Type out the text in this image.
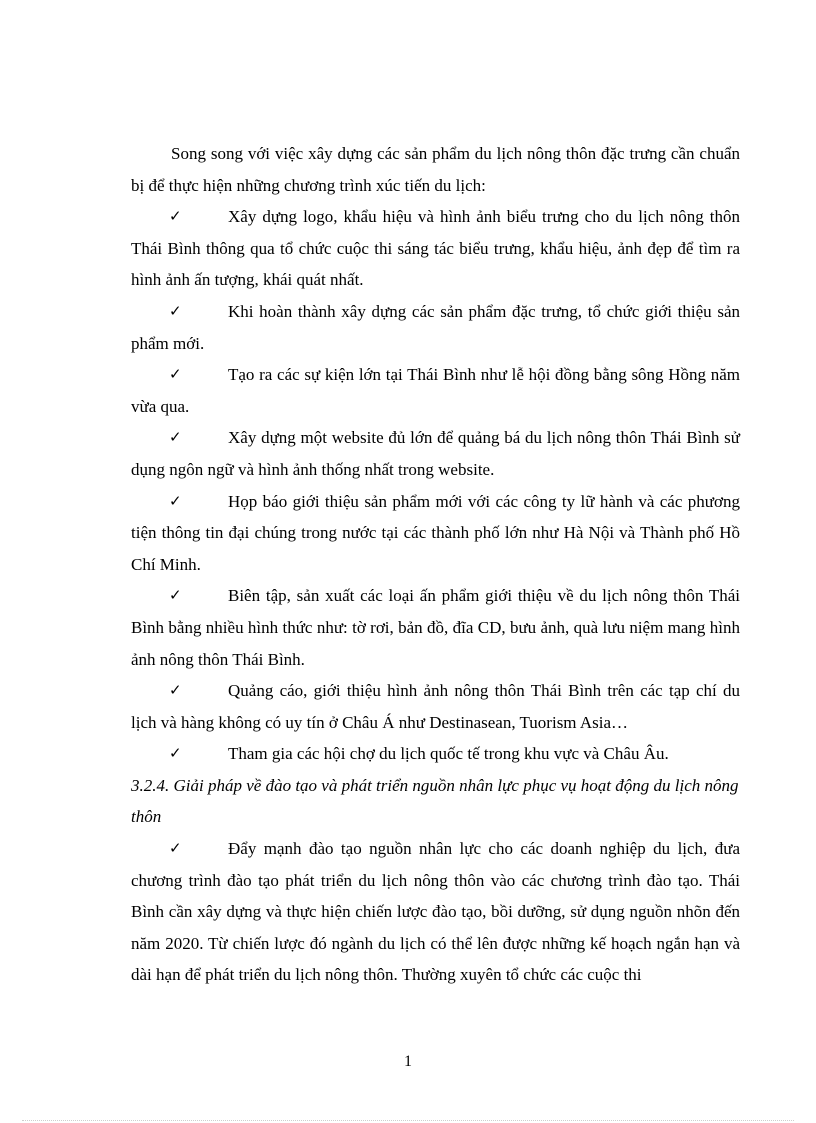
Song song với việc xây dựng các sản phẩm du lịch nông thôn đặc trưng cần chuẩn bị để thực hiện những chương trình xúc tiến du lịch:

✓	Xây dựng logo, khẩu hiệu và hình ảnh biểu trưng cho du lịch nông thôn Thái Bình thông qua tổ chức cuộc thi sáng tác biểu trưng, khẩu hiệu, ảnh đẹp để tìm ra hình ảnh ấn tượng, khái quát nhất.

✓	Khi hoàn thành xây dựng các sản phẩm đặc trưng, tổ chức giới thiệu sản phẩm mới.

✓	Tạo ra các sự kiện lớn tại Thái Bình như lễ hội đồng bằng sông Hồng năm vừa qua.

✓	Xây dựng một website đủ lớn để quảng bá du lịch nông thôn Thái Bình sử dụng ngôn ngữ và hình ảnh thống nhất trong website.

✓	Họp báo giới thiệu sản phẩm mới với các công ty lữ hành và các phương tiện thông tin đại chúng trong nước tại các thành phố lớn như Hà Nội và Thành phố Hồ Chí Minh.

✓	Biên tập, sản xuất các loại ấn phẩm giới thiệu về du lịch nông thôn Thái Bình bằng nhiều hình thức như: tờ rơi, bản đồ, đĩa CD, bưu ảnh, quà lưu niệm mang hình ảnh nông thôn Thái Bình.

✓	Quảng cáo, giới thiệu hình ảnh nông thôn Thái Bình trên các tạp chí du lịch và hàng không có uy tín ở Châu Á như Destinasean, Tuorism Asia…

✓	Tham gia các hội chợ du lịch quốc tế trong khu vực và Châu Âu.

3.2.4. Giải pháp về đào tạo và phát triển nguồn nhân lực phục vụ hoạt động du lịch nông thôn

✓	Đẩy mạnh đào tạo nguồn nhân lực cho các doanh nghiệp du lịch, đưa chương trình đào tạo phát triển du lịch nông thôn vào các chương trình đào tạo. Thái Bình cần xây dựng và thực hiện chiến lược đào tạo, bồi dưỡng, sử dụng nguồn nhõn đến năm 2020. Từ chiến lược đó ngành du lịch có thể lên được những kế hoạch ngắn hạn và dài hạn để phát triển du lịch nông thôn. Thường xuyên tổ chức các cuộc thi

1
